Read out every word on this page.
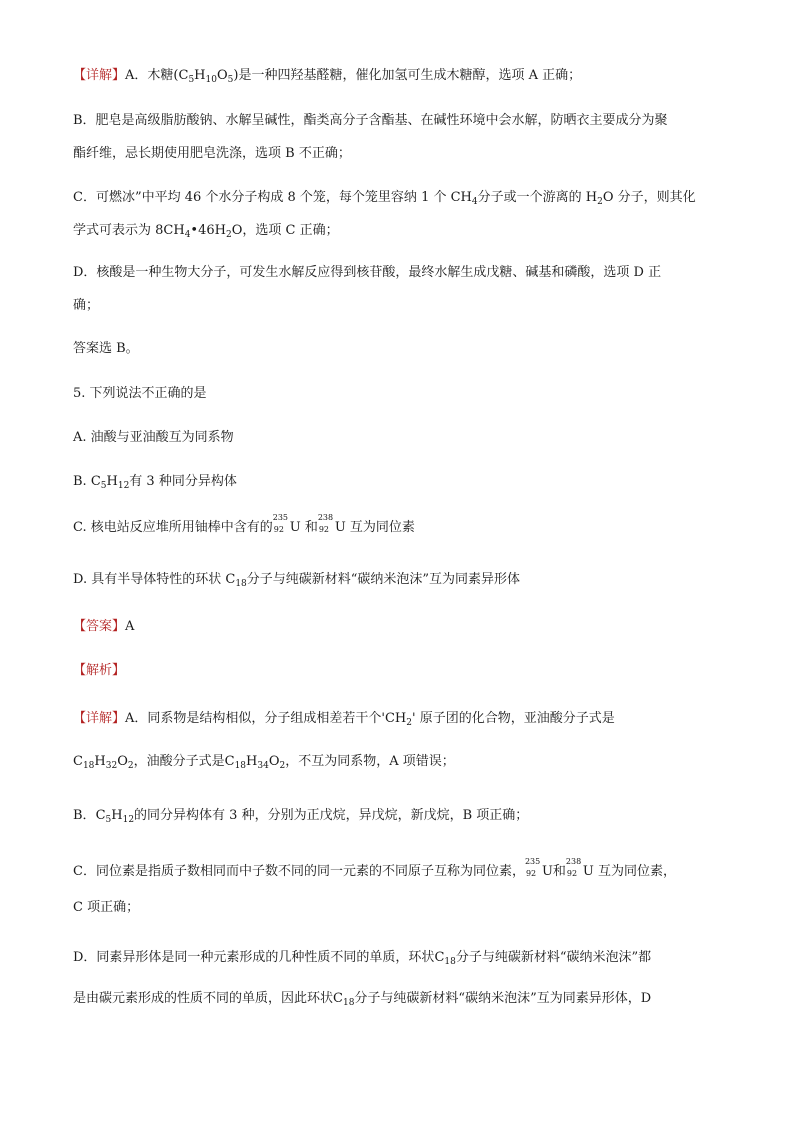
【详解】A．木糖$(C_5H_{10}O_5)$是一种四羟基醛糖，催化加氢可生成木糖醇，选项 A 正确；
B．肥皂是高级脂肪酸钠、水解呈碱性，酯类高分子含酯基、在碱性环境中会水解，防晒衣主要成分为聚
酯纤维，忌长期使用肥皂洗涤，选项 B 不正确；
C．可燃冰”中平均 46 个水分子构成 8 个笼，每个笼里容纳 1 个 $CH_4$分子或一个游离的 $H_2O$ 分子，则其化
学式可表示为 $8CH_4•46H_2O$，选项 C 正确；
D．核酸是一种生物大分子，可发生水解反应得到核苷酸，最终水解生成戊糖、碱基和磷酸，选项 D 正
确；
答案选 B。
5. 下列说法不正确的是
A. 油酸与亚油酸互为同系物
B. $C_5H_{12}$有 3 种同分异构体
C. 核电站反应堆所用铀棒中含有的
235
92 U 和
238
92 U 互为同位素
D. 具有半导体特性的环状 $C_{18}$分子与纯碳新材料“碳纳米泡沫”互为同素异形体
【答案】A
【解析】
【详解】A．同系物是结构相似，分子组成相差若干个'$CH_2$' 原子团的化合物，亚油酸分子式是
$C_{18}H_{32}O_2$，油酸分子式是$C_{18}H_{34}O_2$，不互为同系物，A 项错误；
B．$C_5H_{12}$的同分异构体有 3 种，分别为正戊烷，异戊烷，新戊烷，B 项正确；
C．同位素是指质子数相同而中子数不同的同一元素的不同原子互称为同位素，
235
92 U和
238
92 U 互为同位素，
C 项正确；
D．同素异形体是同一种元素形成的几种性质不同的单质，环状$C_{18}$分子与纯碳新材料“碳纳米泡沫”都
是由碳元素形成的性质不同的单质，因此环状$C_{18}$分子与纯碳新材料“碳纳米泡沫”互为同素异形体，D
